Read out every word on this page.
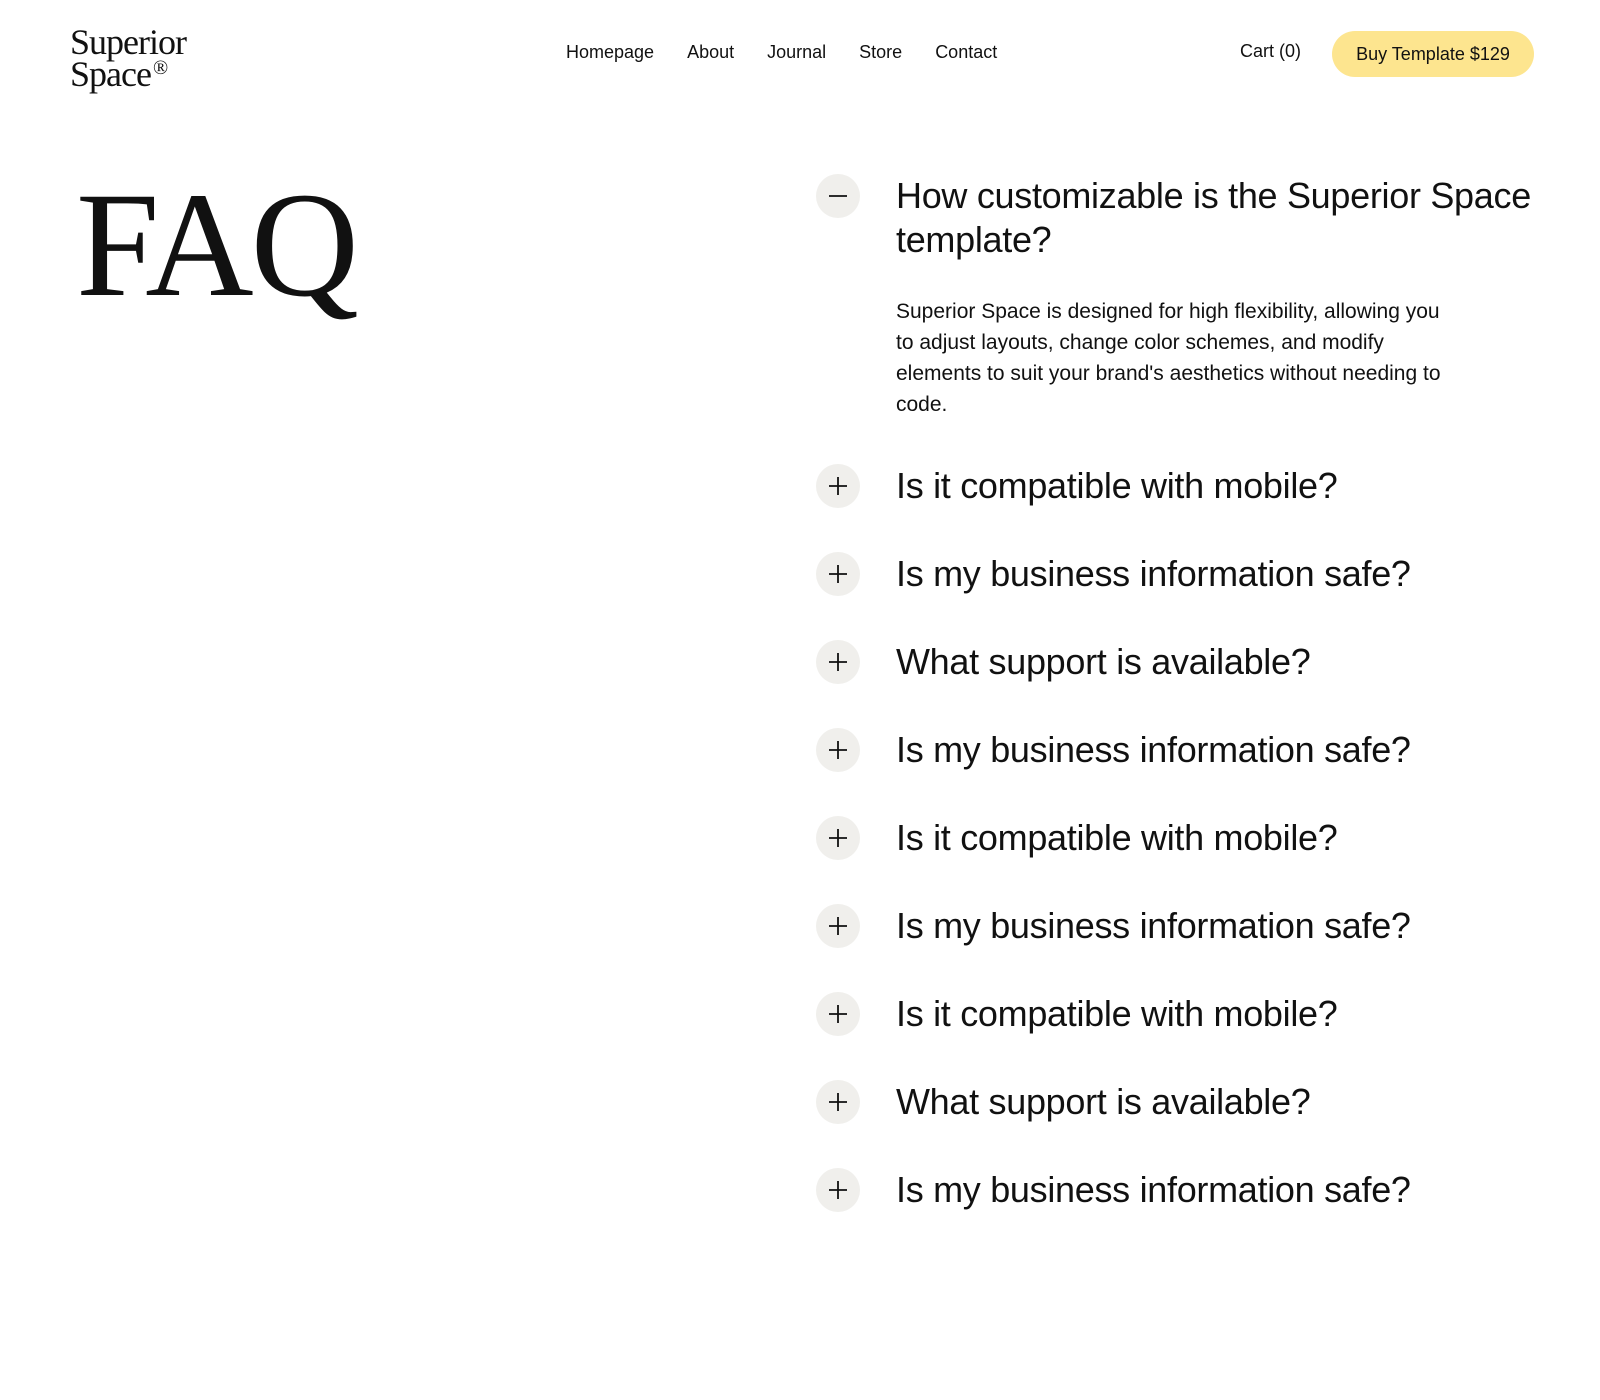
Superior
Space ®
Homepage About Journal Store Contact	Cart (0)	Buy Template $129
FAQ	How customizable is the Superior Space template?

Superior Space is designed for high flexibility, allowing you to adjust layouts, change color schemes, and modify elements to suit your brand's aesthetics without needing to code.

Is it compatible with mobile?
Is my business information safe?
What support is available?
Is my business information safe?
Is it compatible with mobile?
Is my business information safe?
Is it compatible with mobile?
What support is available?
Is my business information safe?
